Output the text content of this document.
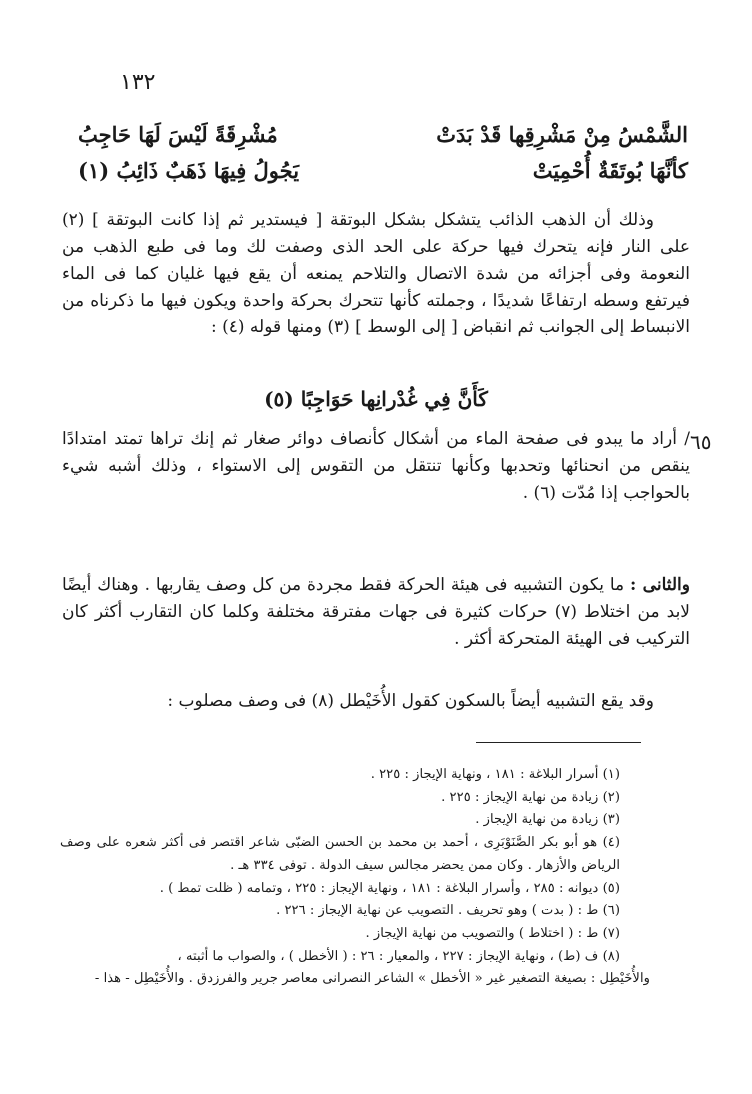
١٣٢
الشَّمْسُ مِنْ مَشْرِقِها قَدْ بَدَتْ
مُشْرِقَةً لَيْسَ لَهَا حَاجِبُ
كأنَّهَا بُوتَقَةٌ أُحْمِيَتْ
يَجُولُ فِيهَا ذَهَبٌ ذَائِبُ (١)
وذلك أن الذهب الذائب يتشكل بشكل البوتقة [ فيستدير ثم إذا كانت البوتقة ] (٢) على النار فإنه يتحرك فيها حركة على الحد الذى وصفت لك وما فى طبع الذهب من النعومة وفى أجزائه من شدة الاتصال والتلاحم يمنعه أن يقع فيها غليان كما فى الماء فيرتفع وسطه ارتفاعًا شديدًا ، وجملته كأنها تتحرك بحركة واحدة ويكون فيها ما ذكرناه من الانبساط إلى الجوانب ثم انقباض [ إلى الوسط ] (٣) ومنها قوله (٤) :
كَأَنَّ فِي غُدْرانِها حَوَاجِبًا (٥)
٦٥
/ أراد ما يبدو فى صفحة الماء من أشكال كأنصاف دوائر صغار ثم إنك تراها تمتد امتدادًا ينقص من انحنائها وتحدبها وكأنها تنتقل من التقوس إلى الاستواء ، وذلك أشبه شيء بالحواجب إذا مُدّت (٦) .
والثانى : ما يكون التشبيه فى هيئة الحركة فقط مجردة من كل وصف يقاربها . وهناك أيضًا لابد من اختلاط (٧) حركات كثيرة فى جهات مفترقة مختلفة وكلما كان التقارب أكثر كان التركيب فى الهيئة المتحركة أكثر .
وقد يقع التشبيه أيضاً بالسكون كقول الأُخَيْطل (٨) فى وصف مصلوب :

(١) أسرار البلاغة : ١٨١ ، ونهاية الإيجاز : ٢٢٥ .

(٢) زيادة من نهاية الإيجاز : ٢٢٥ .

(٣) زيادة من نهاية الإيجاز .

(٤) هو أبو بكر الصَّنَوْبَرِى ، أحمد بن محمد بن الحسن الضبّى شاعر اقتصر فى أكثر شعره على وصف الرياض والأزهار . وكان ممن يحضر مجالس سيف الدولة . توفى ٣٣٤ هـ .

(٥) ديوانه : ٢٨٥ ، وأسرار البلاغة : ١٨١ ، ونهاية الإيجاز : ٢٢٥ ، وتمامه ( ظلت تمط ) .

(٦) ط : ( بدت ) وهو تحريف . التصويب عن نهاية الإيجاز : ٢٢٦ .

(٧) ط : ( اختلاط ) والتصويب من نهاية الإيجاز .

(٨) ف (ط) ، ونهاية الإيجاز : ٢٢٧ ، والمعيار : ٢٦ : ( الأخطل ) ، والصواب ما أثبته ،

والأُخَيْطِل : بصيغة التصغير غير « الأخطل » الشاعر النصرانى معاصر جرير والفرزدق . والأُخَيْطِل - هذا -
